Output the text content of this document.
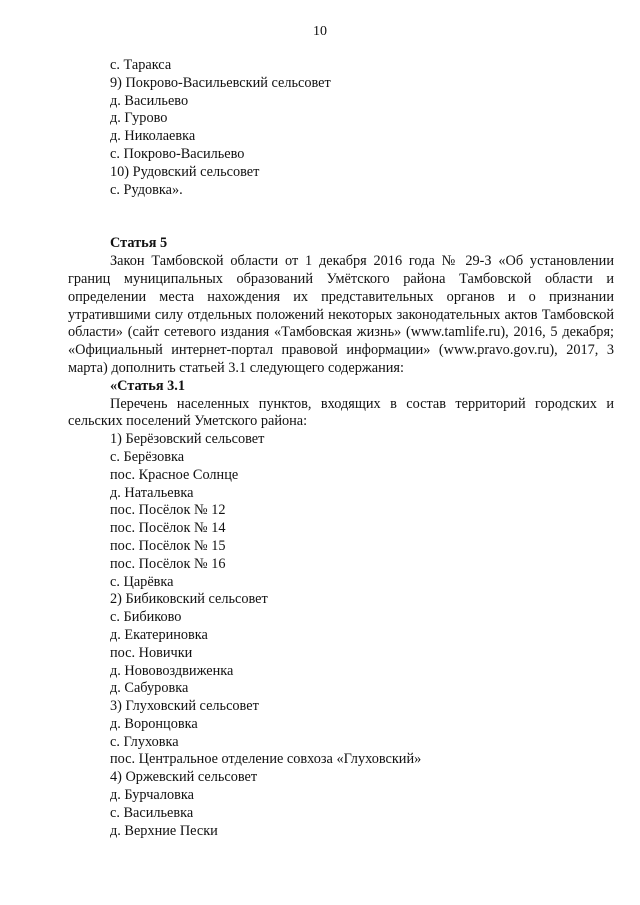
10

с. Таракса

9) Покрово-Васильевский сельсовет

д. Васильево

д. Гурово

д. Николаевка

с. Покрово-Васильево

10) Рудовский сельсовет

с. Рудовка».

Статья 5

Закон Тамбовской области от 1 декабря 2016 года № 29-З «Об установлении границ муниципальных образований Умётского района Тамбовской области и определении места нахождения их представительных органов и о признании утратившими силу отдельных положений некоторых законодательных актов Тамбовской области» (сайт сетевого издания «Тамбовская жизнь» (www.tamlife.ru), 2016, 5 декабря; «Официальный интернет-портал правовой информации» (www.pravo.gov.ru), 2017, 3 марта) дополнить статьей 3.1 следующего содержания:

«Статья 3.1

Перечень населенных пунктов, входящих в состав территорий городских и сельских поселений Уметского района:

1) Берёзовский сельсовет

с. Берёзовка

пос. Красное Солнце

д. Натальевка

пос. Посёлок № 12

пос. Посёлок № 14

пос. Посёлок № 15

пос. Посёлок № 16

с. Царёвка

2) Бибиковский сельсовет

с. Бибиково

д. Екатериновка

пос. Новички

д. Нововоздвиженка

д. Сабуровка

3) Глуховский сельсовет

д. Воронцовка

с. Глуховка

пос. Центральное отделение совхоза «Глуховский»

4) Оржевский сельсовет

д. Бурчаловка

с. Васильевка

д. Верхние Пески
